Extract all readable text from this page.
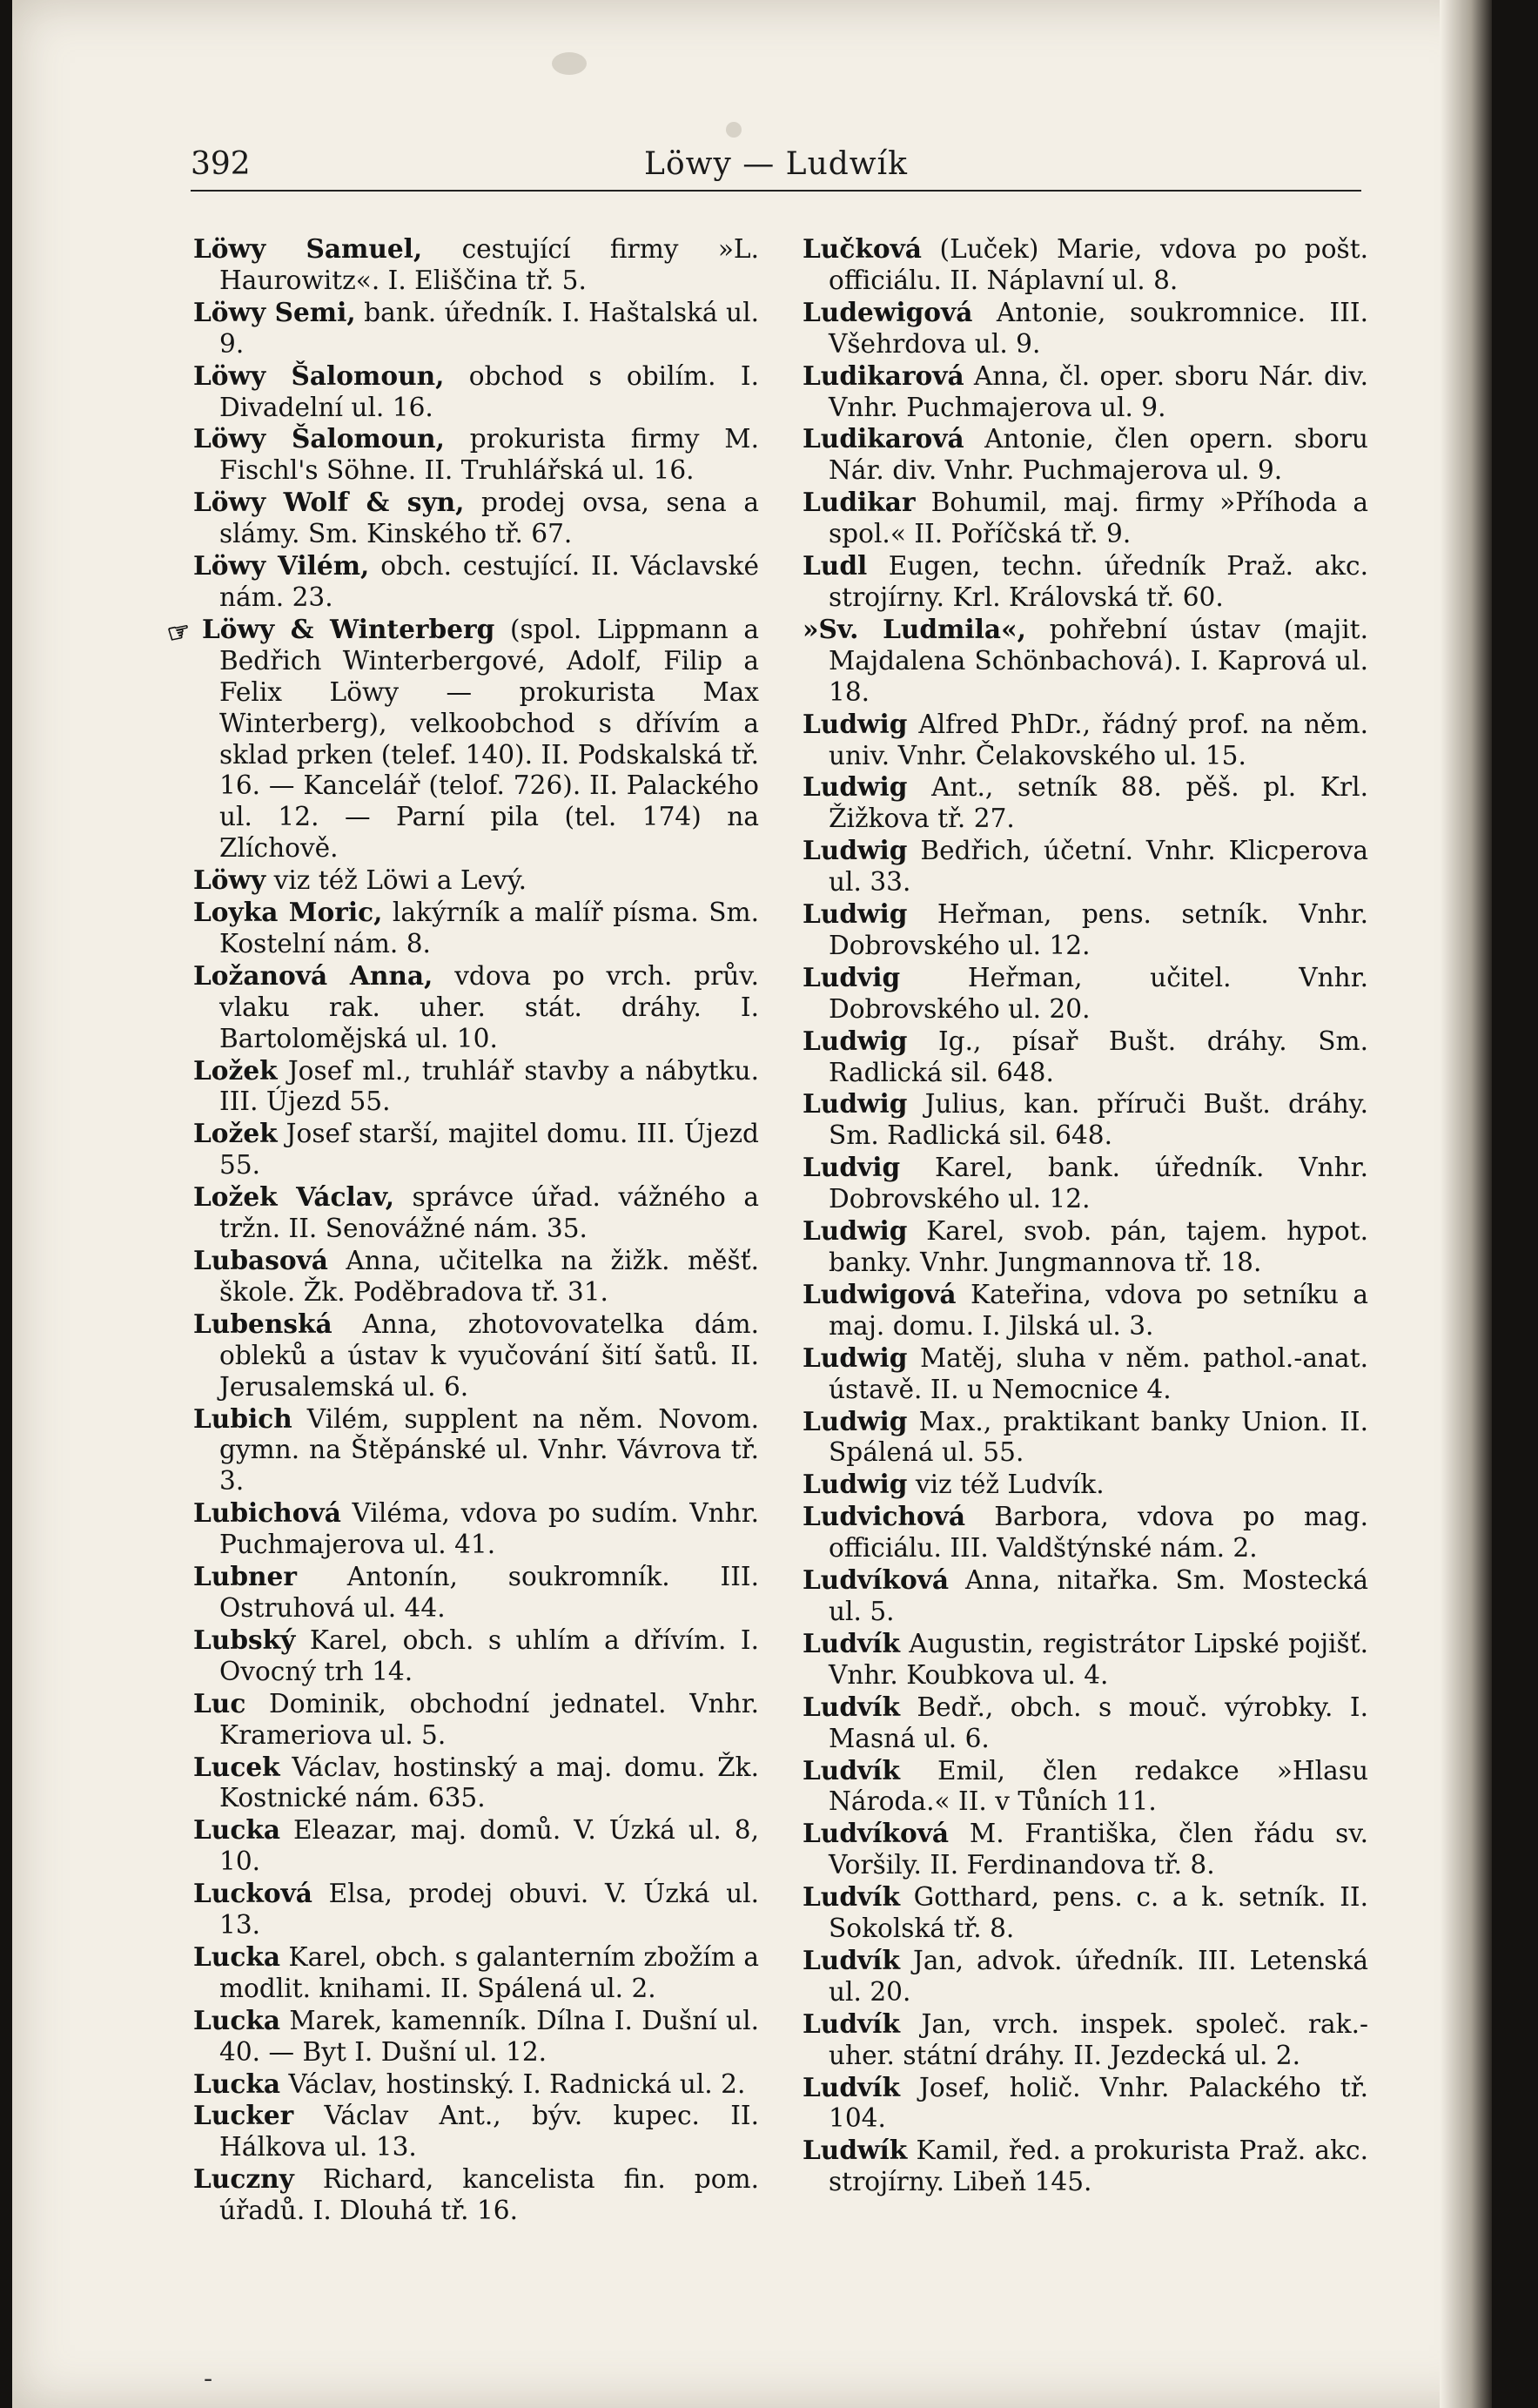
Löwy — Ludwík
392

Löwy Samuel, cestující firmy »L. Haurowitz«. I. Eliščina tř. 5.

Löwy Semi, bank. úředník. I. Haštalská ul. 9.

Löwy Šalomoun, obchod s obilím. I. Divadelní ul. 16.

Löwy Šalomoun, prokurista firmy M. Fischl's Söhne. II. Truhlářská ul. 16.

Löwy Wolf & syn, prodej ovsa, sena a slámy. Sm. Kinského tř. 67.

Löwy Vilém, obch. cestující. II. Václavské nám. 23.

☞ Löwy & Winterberg (spol. Lippmann a Bedřich Winterbergové, Adolf, Filip a Felix Löwy — prokurista Max Winterberg), velkoobchod s dřívím a sklad prken (telef. 140). II. Podskalská tř. 16. — Kancelář (telof. 726). II. Palackého ul. 12. — Parní pila (tel. 174) na Zlíchově.

Löwy viz též Löwi a Levý.

Loyka Moric, lakýrník a malíř písma. Sm. Kostelní nám. 8.

Ložanová Anna, vdova po vrch. prův. vlaku rak. uher. stát. dráhy. I. Bartolomějská ul. 10.

Ložek Josef ml., truhlář stavby a nábytku. III. Újezd 55.

Ložek Josef starší, majitel domu. III. Újezd 55.

Ložek Václav, správce úřad. vážného a tržn. II. Senovážné nám. 35.

Lubasová Anna, učitelka na žižk. měšť. škole. Žk. Poděbradova tř. 31.

Lubenská Anna, zhotovovatelka dám. obleků a ústav k vyučování šití šatů. II. Jerusalemská ul. 6.

Lubich Vilém, supplent na něm. Novom. gymn. na Štěpánské ul. Vnhr. Vávrova tř. 3.

Lubichová Viléma, vdova po sudím. Vnhr. Puchmajerova ul. 41.

Lubner Antonín, soukromník. III. Ostruhová ul. 44.

Lubský Karel, obch. s uhlím a dřívím. I. Ovocný trh 14.

Luc Dominik, obchodní jednatel. Vnhr. Krameriova ul. 5.

Lucek Václav, hostinský a maj. domu. Žk. Kostnické nám. 635.

Lucka Eleazar, maj. domů. V. Úzká ul. 8, 10.

Lucková Elsa, prodej obuvi. V. Úzká ul. 13.

Lucka Karel, obch. s galanterním zbožím a modlit. knihami. II. Spálená ul. 2.

Lucka Marek, kamenník. Dílna I. Dušní ul. 40. — Byt I. Dušní ul. 12.

Lucka Václav, hostinský. I. Radnická ul. 2.

Lucker Václav Ant., býv. kupec. II. Hálkova ul. 13.

Luczny Richard, kancelista fin. pom. úřadů. I. Dlouhá tř. 16.

Lučková (Luček) Marie, vdova po pošt. officiálu. II. Náplavní ul. 8.

Ludewigová Antonie, soukromnice. III. Všehrdova ul. 9.

Ludikarová Anna, čl. oper. sboru Nár. div. Vnhr. Puchmajerova ul. 9.

Ludikarová Antonie, člen opern. sboru Nár. div. Vnhr. Puchmajerova ul. 9.

Ludikar Bohumil, maj. firmy »Příhoda a spol.« II. Poříčská tř. 9.

Ludl Eugen, techn. úředník Praž. akc. strojírny. Krl. Královská tř. 60.

»Sv. Ludmila«, pohřební ústav (majit. Majdalena Schönbachová). I. Kaprová ul. 18.

Ludwig Alfred PhDr., řádný prof. na něm. univ. Vnhr. Čelakovského ul. 15.

Ludwig Ant., setník 88. pěš. pl. Krl. Žižkova tř. 27.

Ludwig Bedřich, účetní. Vnhr. Klicperova ul. 33.

Ludwig Heřman, pens. setník. Vnhr. Dobrovského ul. 12.

Ludvig Heřman, učitel. Vnhr. Dobrovského ul. 20.

Ludwig Ig., písař Bušt. dráhy. Sm. Radlická sil. 648.

Ludwig Julius, kan. příruči Bušt. dráhy. Sm. Radlická sil. 648.

Ludvig Karel, bank. úředník. Vnhr. Dobrovského ul. 12.

Ludwig Karel, svob. pán, tajem. hypot. banky. Vnhr. Jungmannova tř. 18.

Ludwigová Kateřina, vdova po setníku a maj. domu. I. Jilská ul. 3.

Ludwig Matěj, sluha v něm. pathol.-anat. ústavě. II. u Nemocnice 4.

Ludwig Max., praktikant banky Union. II. Spálená ul. 55.

Ludwig viz též Ludvík.

Ludvichová Barbora, vdova po mag. officiálu. III. Valdštýnské nám. 2.

Ludvíková Anna, nitařka. Sm. Mostecká ul. 5.

Ludvík Augustin, registrátor Lipské pojišť. Vnhr. Koubkova ul. 4.

Ludvík Bedř., obch. s mouč. výrobky. I. Masná ul. 6.

Ludvík Emil, člen redakce »Hlasu Národa.« II. v Tůních 11.

Ludvíková M. Františka, člen řádu sv. Voršily. II. Ferdinandova tř. 8.

Ludvík Gotthard, pens. c. a k. setník. II. Sokolská tř. 8.

Ludvík Jan, advok. úředník. III. Letenská ul. 20.

Ludvík Jan, vrch. inspek. společ. rak.-uher. státní dráhy. II. Jezdecká ul. 2.

Ludvík Josef, holič. Vnhr. Palackého tř. 104.

Ludwík Kamil, řed. a prokurista Praž. akc. strojírny. Libeň 145.

-
